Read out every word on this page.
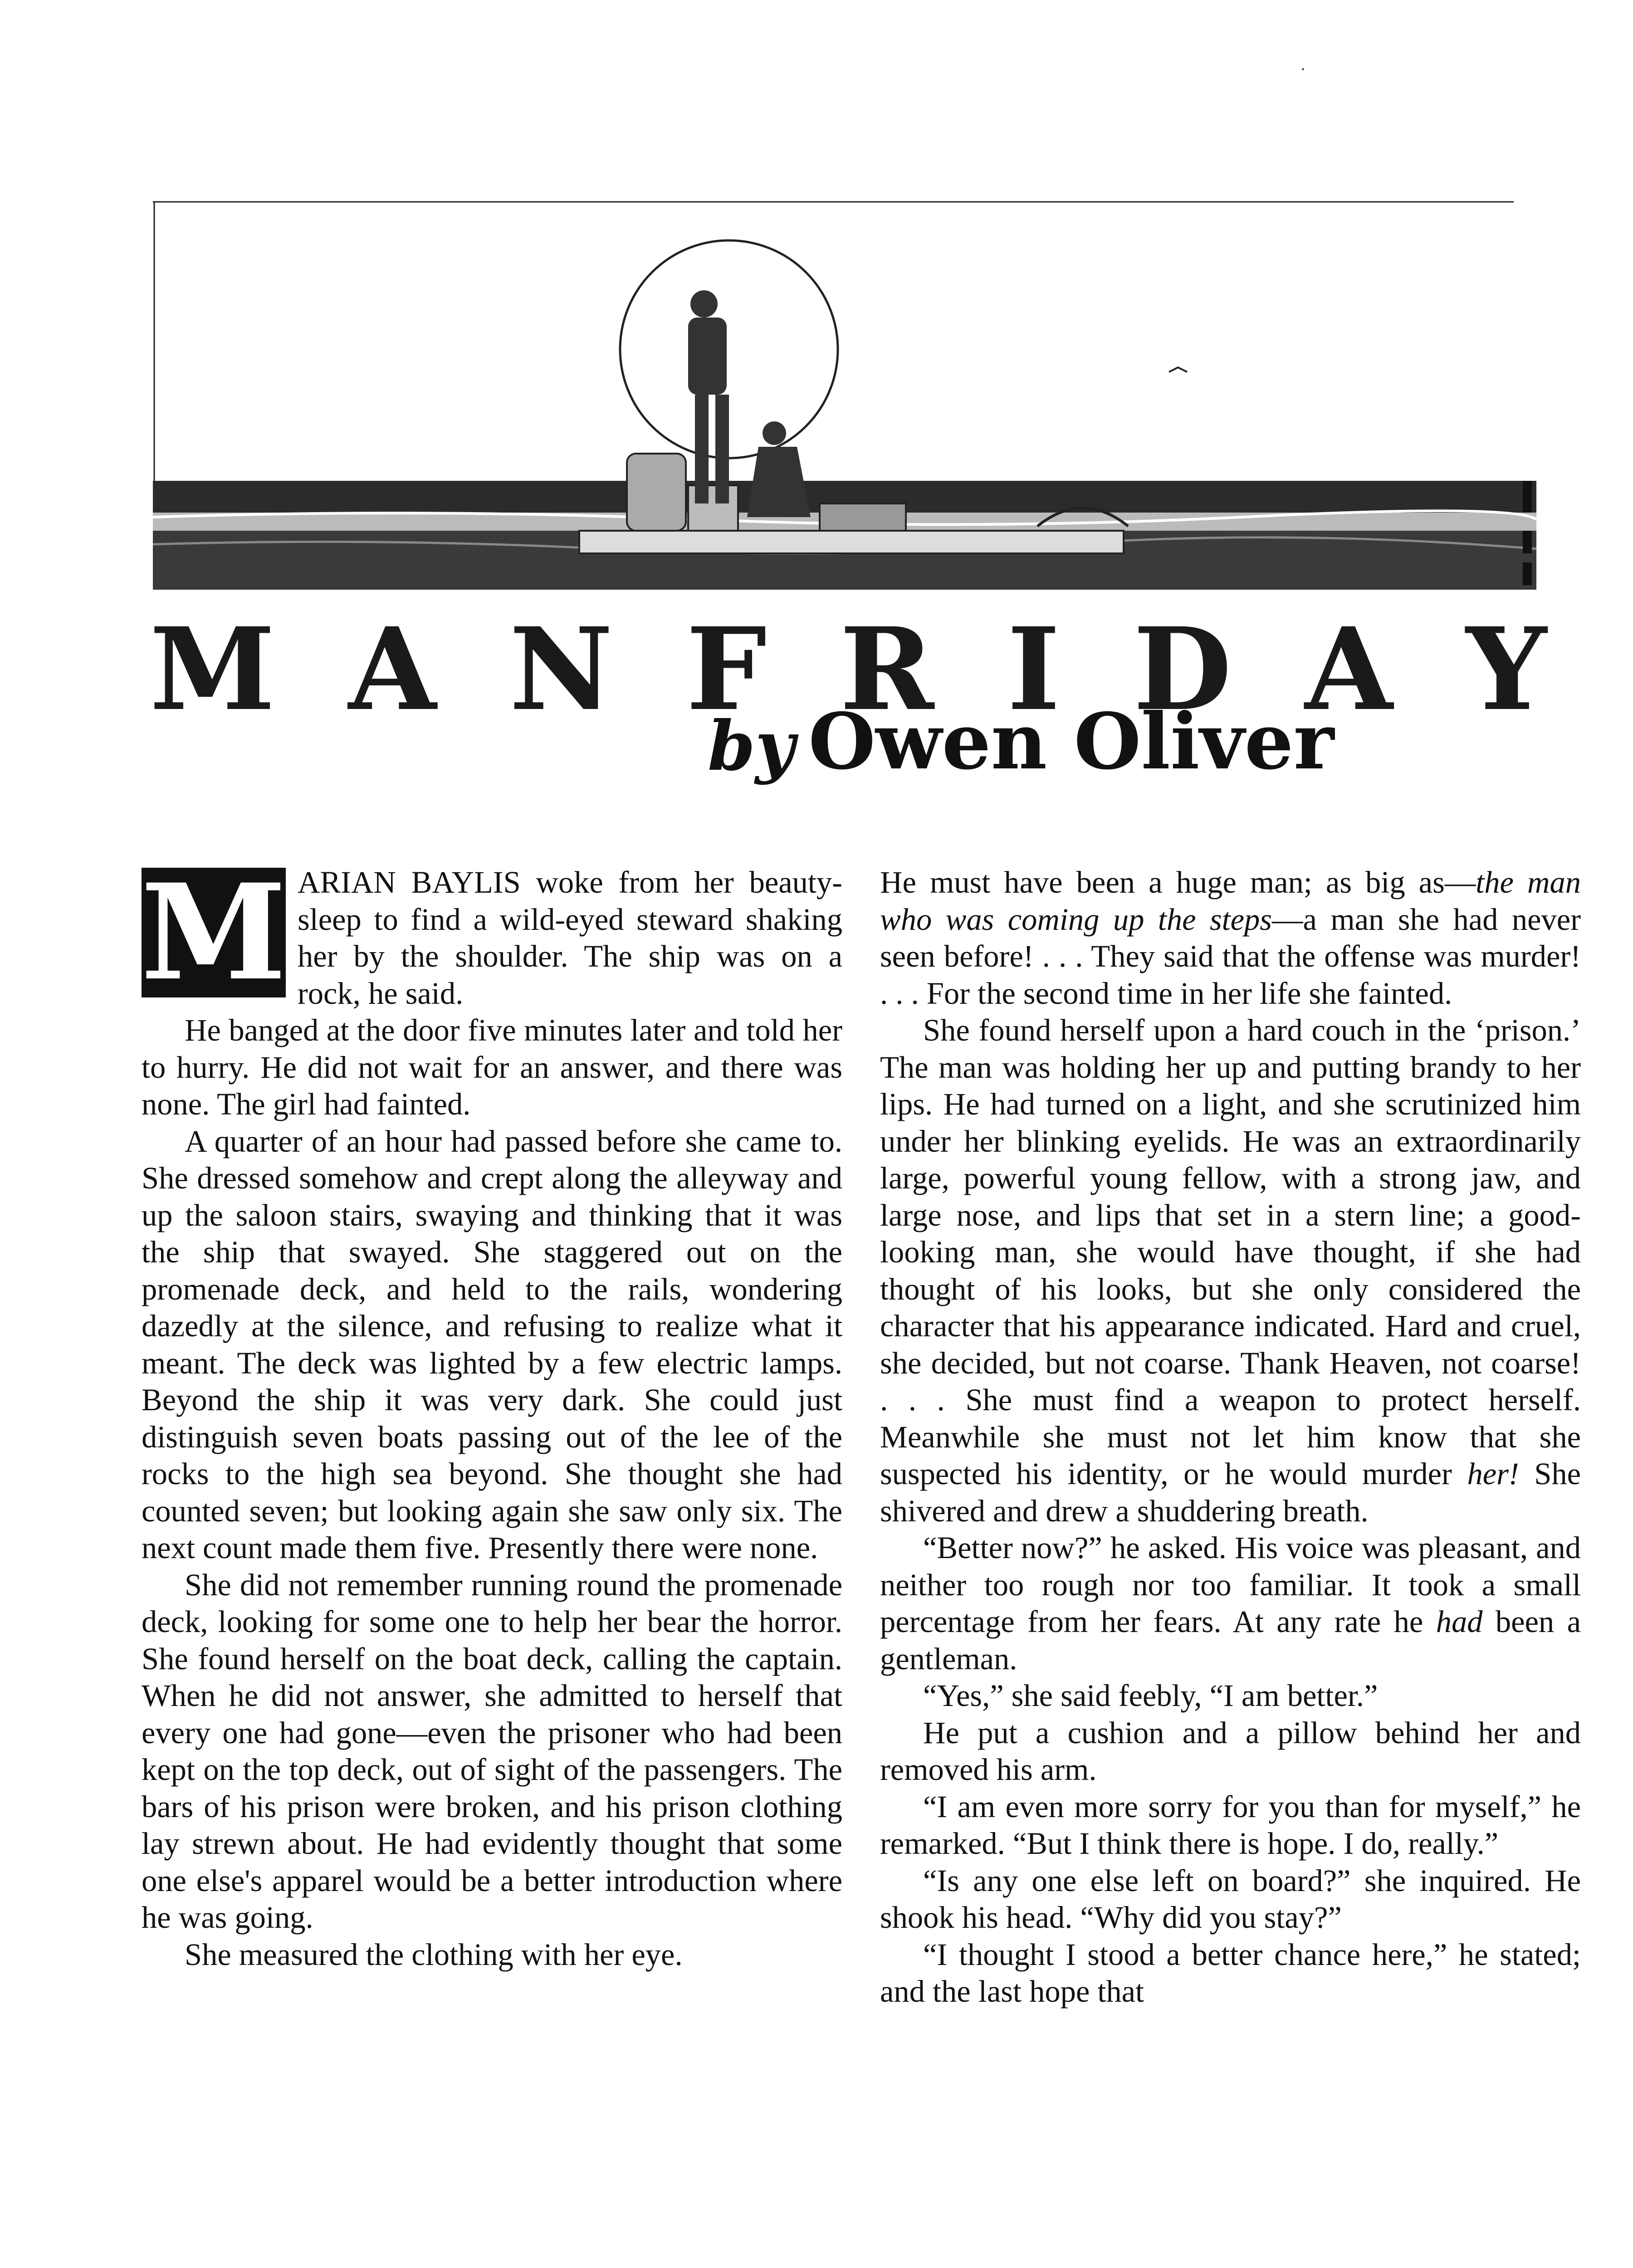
M A N F R I D A Y
by Owen Oliver

M ARIAN BAYLIS woke from her beauty-sleep to find a wild-eyed steward shaking her by the shoulder. The ship was on a rock, he said.

He banged at the door five minutes later and told her to hurry. He did not wait for an answer, and there was none. The girl had fainted.

A quarter of an hour had passed before she came to. She dressed somehow and crept along the alleyway and up the saloon stairs, swaying and thinking that it was the ship that swayed. She staggered out on the promenade deck, and held to the rails, wondering dazedly at the silence, and refusing to realize what it meant. The deck was lighted by a few electric lamps. Beyond the ship it was very dark. She could just distinguish seven boats passing out of the lee of the rocks to the high sea beyond. She thought she had counted seven; but looking again she saw only six. The next count made them five. Presently there were none.

She did not remember running round the promenade deck, looking for some one to help her bear the horror. She found herself on the boat deck, calling the captain. When he did not answer, she admitted to herself that every one had gone—even the prisoner who had been kept on the top deck, out of sight of the passengers. The bars of his prison were broken, and his prison clothing lay strewn about. He had evidently thought that some one else's apparel would be a better introduction where he was going.

She measured the clothing with her eye.

He must have been a huge man; as big as—the man who was coming up the steps—a man she had never seen before! . . . They said that the offense was murder! . . . For the second time in her life she fainted.

She found herself upon a hard couch in the ‘prison.’ The man was holding her up and putting brandy to her lips. He had turned on a light, and she scrutinized him under her blinking eyelids. He was an extraordinarily large, powerful young fellow, with a strong jaw, and large nose, and lips that set in a stern line; a good-looking man, she would have thought, if she had thought of his looks, but she only considered the character that his appearance indicated. Hard and cruel, she decided, but not coarse. Thank Heaven, not coarse! . . . She must find a weapon to protect herself. Meanwhile she must not let him know that she suspected his identity, or he would murder her! She shivered and drew a shuddering breath.

“Better now?” he asked. His voice was pleasant, and neither too rough nor too familiar. It took a small percentage from her fears. At any rate he had been a gentleman.

“Yes,” she said feebly, “I am better.”

He put a cushion and a pillow behind her and removed his arm.

“I am even more sorry for you than for myself,” he remarked. “But I think there is hope. I do, really.”

“Is any one else left on board?” she inquired. He shook his head. “Why did you stay?”

“I thought I stood a better chance here,” he stated; and the last hope that
